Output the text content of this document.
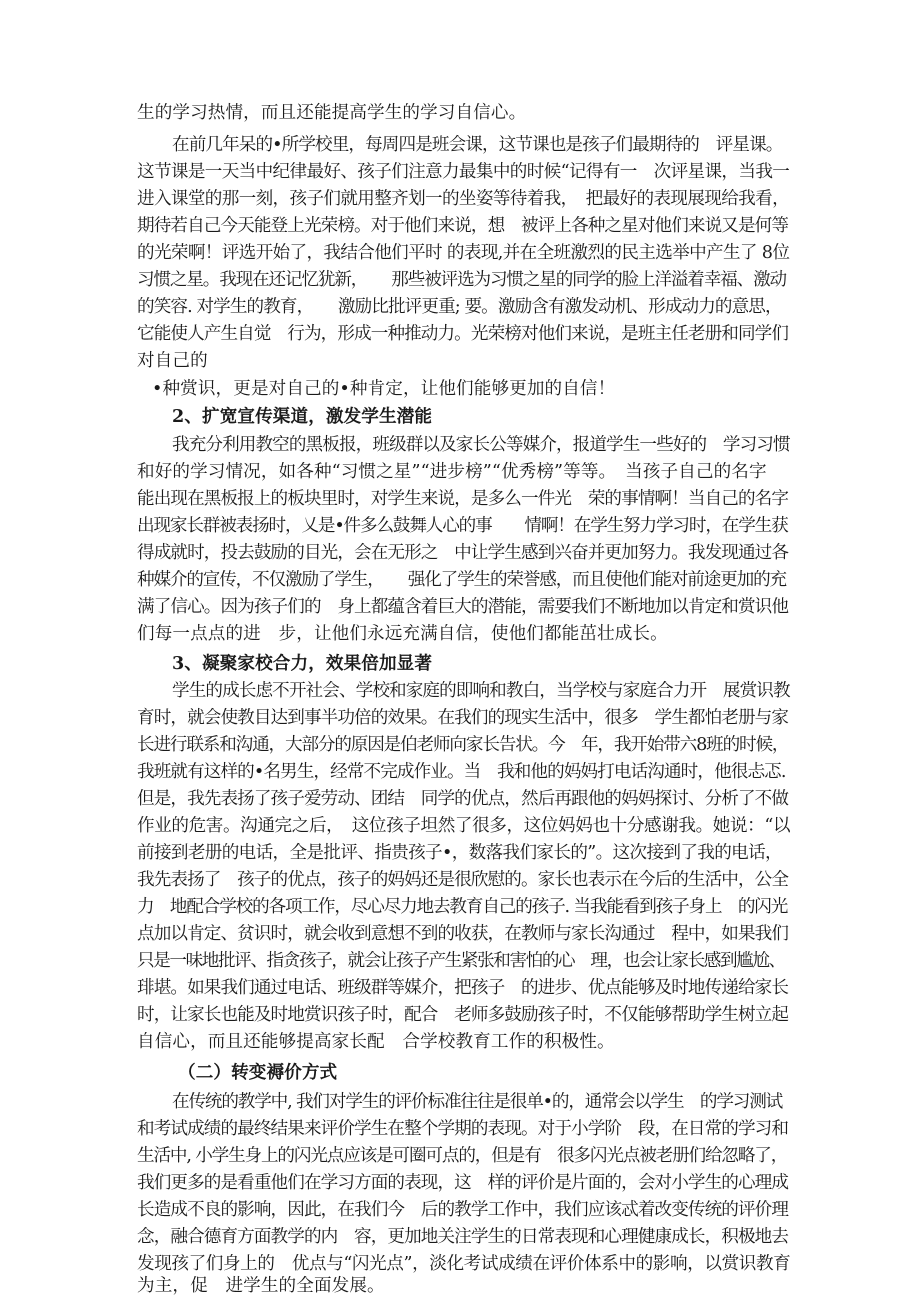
生的学习热情，而且还能提高学生的学习自信心。

在前几年呆的•所学校里，每周四是班会课，这节课也是孩子们最期待的　评星课。

这节课是一天当中纪律最好、孩子们注意力最集中的时候“记得有一　次评星课，当我一

进入课堂的那一刻，孩子们就用整齐划一的坐姿等待着我，　把最好的表现展现给我看，

期待若自己今天能登上光荣榜。对于他们来说，想　被评上各种之星对他们来说又是何等

的光荣啊！评选开始了，我结合他们平时 的表现,并在全班激烈的民主选举中产生了 8位

习惯之星。我现在还记忆犹新，　　那些被评选为习惯之星的同学的脸上洋溢着幸福、激动

的笑容. 对学生的教育，　　激励比批评更重; 要。激励含有激发动机、形成动力的意思，

它能使人产生自觉　行为，形成一种推动力。光荣榜对他们来说，是班主任老册和同学们

对自己的

•种赏识，更是对自己的•种肯定，让他们能够更加的自信！

2、扩宽宣传渠道，激发学生潜能

我充分利用教空的黑板报，班级群以及家长公等媒介，报道学生一些好的　学习习惯

和好的学习情况，如各种“习惯之星”“进步榜”“优秀榜”等等。　当孩子自己的名字

能出现在黑板报上的板块里时，对学生来说，是多么一件光　荣的事情啊！当自己的名字

出现家长群被表扬时，乂是•件多么鼓舞人心的事　　情啊！在学生努力学习时，在学生获

得成就时，投去鼓励的目光，会在无形之　中让学生感到兴奋并更加努力。我发现通过各

种媒介的宣传，不仅激励了学生，　　强化了学生的荣誉感，而且使他们能对前途更加的充

满了信心。因为孩子们的　身上都蕴含着巨大的潜能，需要我们不断地加以肯定和赏识他

们每一点点的进　步，让他们永远充满自信，使他们都能茁壮成长。

3、凝聚家校合力，效果倍加显著

学生的成长虑不开社会、学校和家庭的即响和教白，当学校与家庭合力开　展赏识教

育时，就会使教目达到事半功倍的效果。在我们的现实生活中，很多　学生都怕老册与家

长进行联系和沟通，大部分的原因是伯老师向家长告状。今　年，我开始带六8班的时候，

我班就有这样的•名男生，经常不完成作业。当　我和他的妈妈打电话沟通时，他很忐忑.

但是，我先表扬了孩子爱劳动、团结　同学的优点，然后再跟他的妈妈探讨、分析了不做

作业的危害。沟通完之后，　这位孩子坦然了很多，这位妈妈也十分感谢我。她说：“以

前接到老册的电话，全是批评、指贵孩子•，数落我们家长的”。这次接到了我的电话，

我先表扬了　孩子的优点，孩子的妈妈还是很欣慰的。家长也表示在今后的生活中，公全

力　地配合学校的各项工作，尽心尽力地去教育自己的孩子. 当我能看到孩子身上　的闪光

点加以肯定、贫识时，就会收到意想不到的收获，在教师与家长沟通过　程中，如果我们

只是一味地批评、指贪孩子，就会让孩子产生紧张和害怕的心　理，也会让家长感到尴尬、

琲堪。如果我们通过电话、班级群等媒介，把孩子　的进步、优点能够及时地传递给家长

时，让家长也能及时地赏识孩子时，配合　老师多鼓励孩子时，不仅能够帮助学生树立起

自信心，而且还能够提高家长配　合学校教育工作的积极性。

（二）转变褥价方式

在传统的教学中, 我们对学生的评价标准往往是很单•的，通常会以学生　的学习测试

和考试成绩的最终结果来评价学生在整个学期的表现。对于小学阶　段，在日常的学习和

生活中, 小学生身上的闪光点应该是可圈可点的，但是有　很多闪光点被老册们给忽略了，

我们更多的是看重他们在学习方面的表现，这　样的评价是片面的，会对小学生的心理成

长造成不良的影响，因此，在我们今　后的教学工作中，我们应该忒着改变传统的评价理

念，融合德育方面教学的内　容，更加地关注学生的日常表现和心理健康成长，积极地去

发现孩了们身上的　优点与“闪光点”，淡化考试成绩在评价体系中的影响，以赏识教育

为主，促　进学生的全面发展。
